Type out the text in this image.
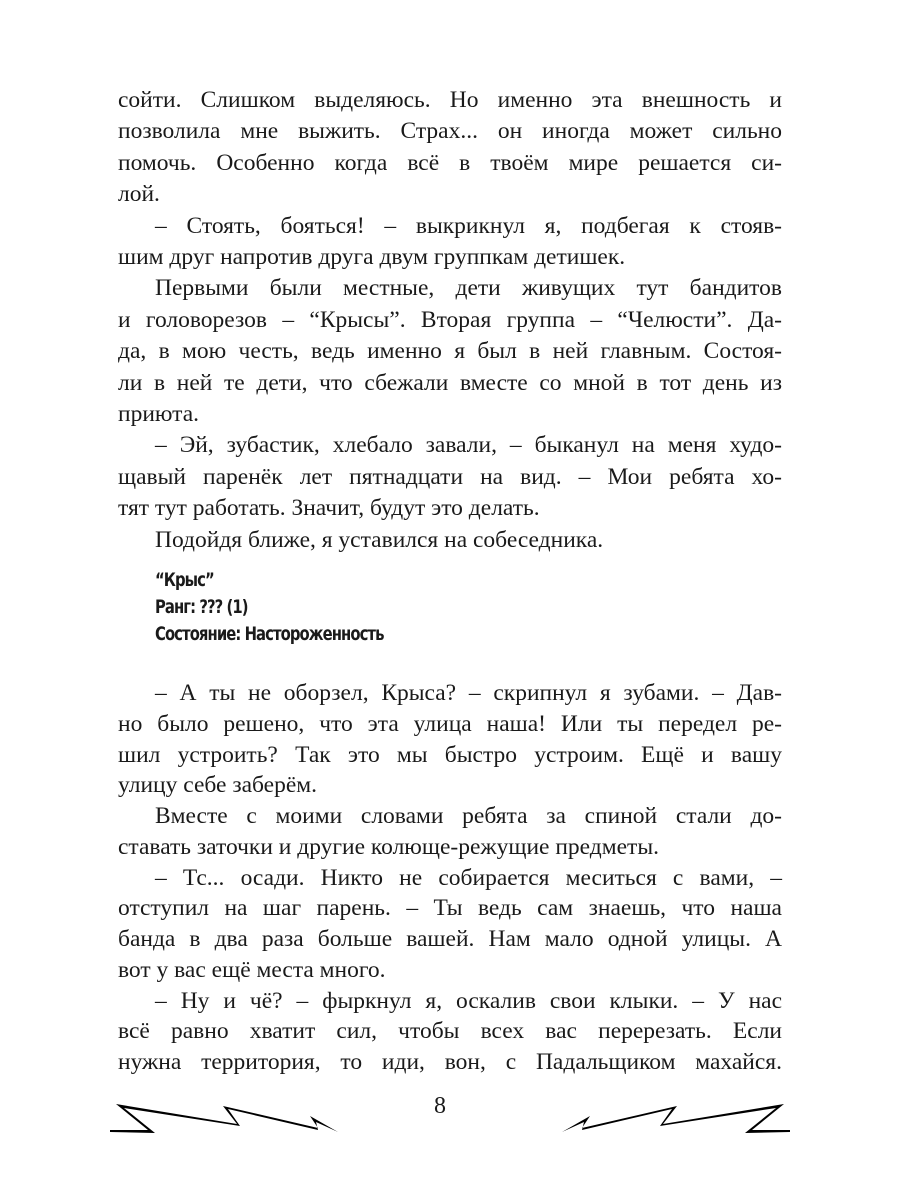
сойти. Слишком выделяюсь. Но именно эта внешность и
позволила мне выжить. Страх... он иногда может сильно
помочь. Особенно когда всё в твоём мире решается си-
лой.
– Стоять, бояться! – выкрикнул я, подбегая к стояв-
шим друг напротив друга двум группкам детишек.
Первыми были местные, дети живущих тут бандитов
и головорезов – “Крысы”. Вторая группа – “Челюсти”. Да-
да, в мою честь, ведь именно я был в ней главным. Состоя-
ли в ней те дети, что сбежали вместе со мной в тот день из
приюта.
– Эй, зубастик, хлебало завали, – быканул на меня худо-
щавый паренёк лет пятнадцати на вид. – Мои ребята хо-
тят тут работать. Значит, будут это делать.
Подойдя ближе, я уставился на собеседника.
“Крыс”
Ранг: ??? (1)
Состояние: Настороженность
– А ты не оборзел, Крыса? – скрипнул я зубами. – Дав-
но было решено, что эта улица наша! Или ты передел ре-
шил устроить? Так это мы быстро устроим. Ещё и вашу
улицу себе заберём.
Вместе с моими словами ребята за спиной стали до-
ставать заточки и другие колюще-режущие предметы.
– Тс... осади. Никто не собирается меситься с вами, –
отступил на шаг парень. – Ты ведь сам знаешь, что наша
банда в два раза больше вашей. Нам мало одной улицы. А
вот у вас ещё места много.
– Ну и чё? – фыркнул я, оскалив свои клыки. – У нас
всё равно хватит сил, чтобы всех вас перерезать. Если
нужна территория, то иди, вон, с Падальщиком махайся.
8
